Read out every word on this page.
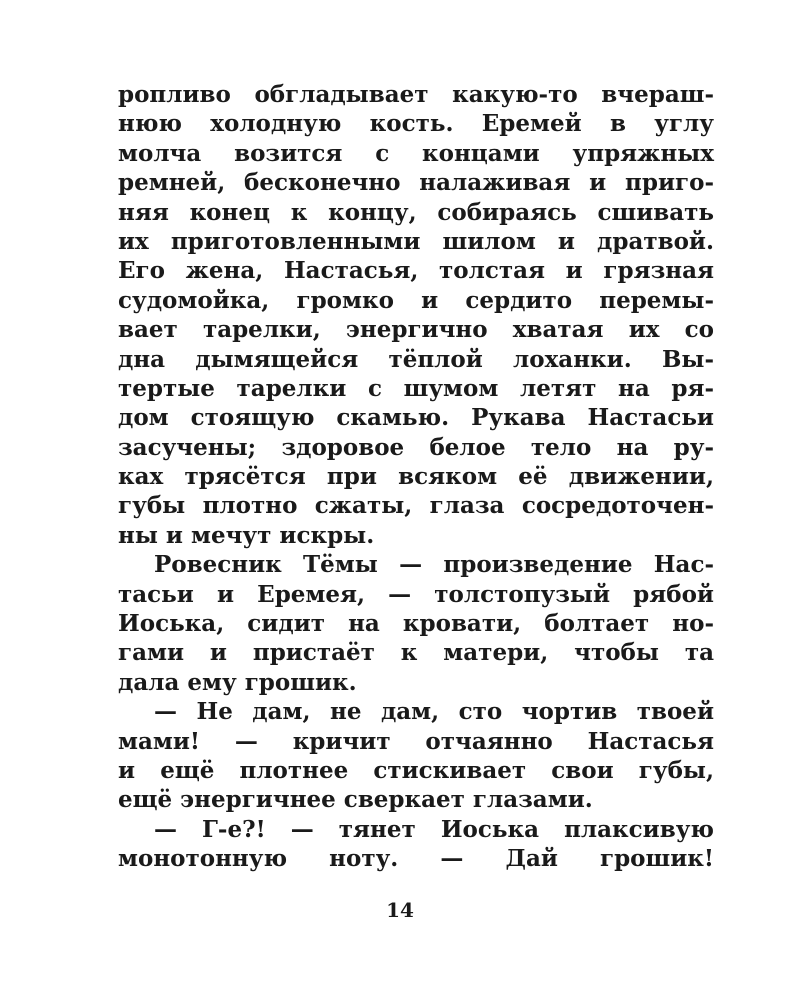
ропливо обгладывает какую-то вчераш-
нюю холодную кость. Еремей в углу
молча возится с концами упряжных
ремней, бесконечно налаживая и приго-
няя конец к концу, собираясь сшивать
их приготовленными шилом и дратвой.
Его жена, Настасья, толстая и грязная
судомойка, громко и сердито перемы-
вает тарелки, энергично хватая их со
дна дымящейся тёплой лоханки. Вы-
тертые тарелки с шумом летят на ря-
дом стоящую скамью. Рукава Настасьи
засучены; здоровое белое тело на ру-
ках трясётся при всяком её движении,
губы плотно сжаты, глаза сосредоточен-
ны и мечут искры.
Ровесник Тёмы — произведение Нас-
тасьи и Еремея, — толстопузый рябой
Иоська, сидит на кровати, болтает но-
гами и пристаёт к матери, чтобы та
дала ему грошик.
— Не дам, не дам, сто чортив твоей
мами! — кричит отчаянно Настасья
и ещё плотнее стискивает свои губы,
ещё энергичнее сверкает глазами.
— Г-е?! — тянет Иоська плаксивую
монотонную ноту. — Дай грошик!
14
